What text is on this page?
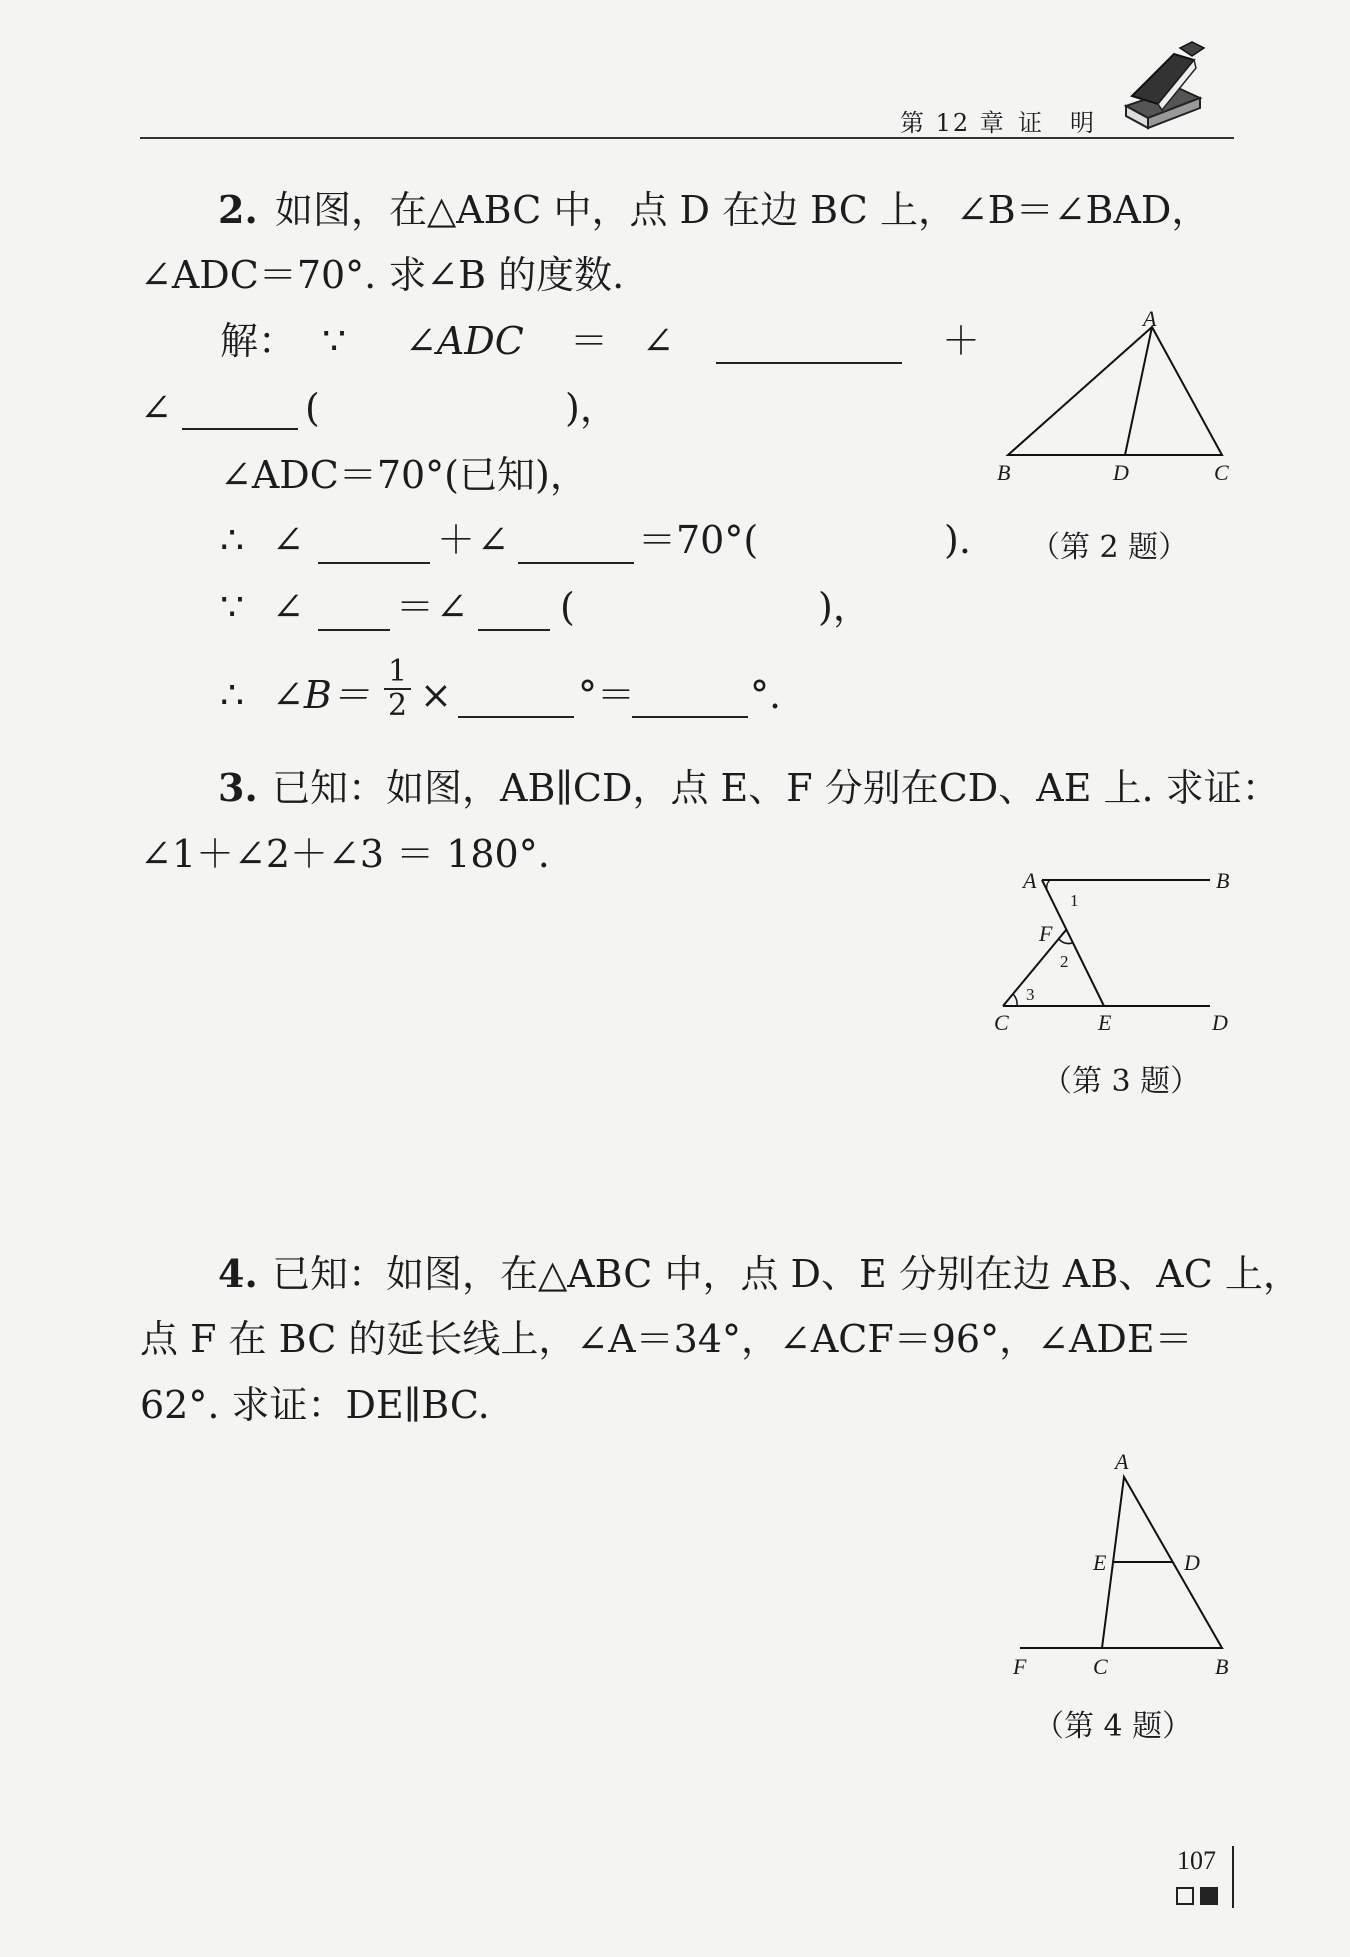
第 12 章 证　明
2. 如图，在△ABC 中，点 D 在边 BC 上，∠B＝∠BAD，
∠ADC＝70°. 求∠B 的度数.
解： ∵ ∠ADC ＝ ∠	＋
∠	(	)，
∠ADC＝70°(已知)，
∴ ∠	＋ ∠	＝70°(	).
∵ ∠ ＝ ∠ (	)，
∴ ∠B＝ $\frac{1}{2}$ ×	°＝	°.
A
B	D	C
（第 2 题）
3. 已知：如图，AB∥CD，点 E、F 分别在CD、AE 上. 求证：
∠1＋∠2＋∠3 ＝ 180°.
A	B
1
F
2
3
C	E	D
（第 3 题）
4. 已知：如图，在△ABC 中，点 D、E 分别在边 AB、AC 上，
点 F 在 BC 的延长线上，∠A＝34°，∠ACF＝96°，∠ADE＝
62°. 求证：DE∥BC.
A
E	D
F	C	B
（第 4 题）
107
